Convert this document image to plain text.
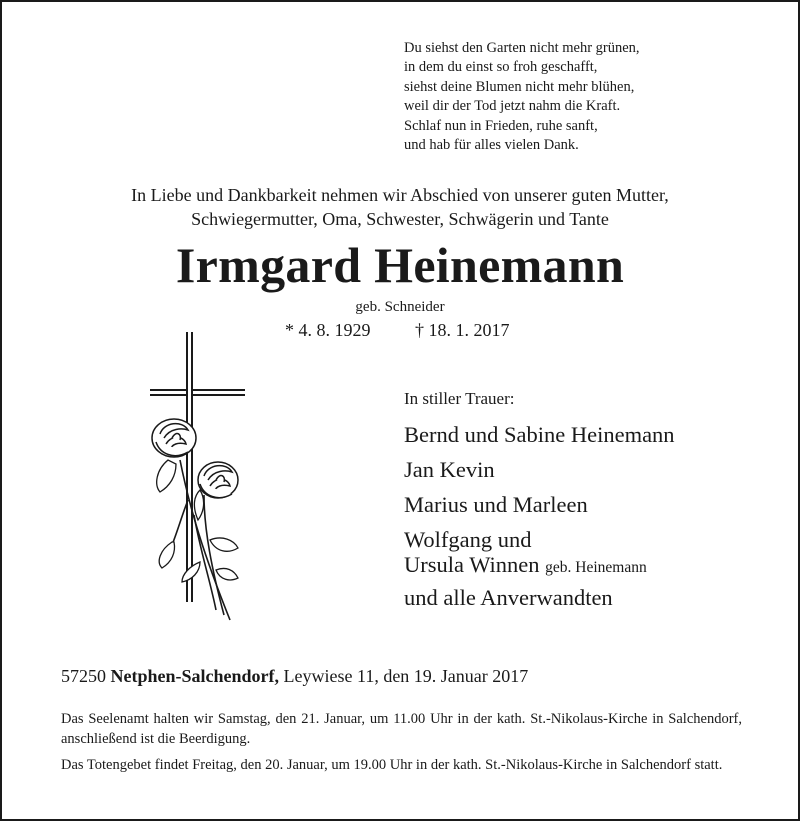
Du siehst den Garten nicht mehr grünen,
in dem du einst so froh geschafft,
siehst deine Blumen nicht mehr blühen,
weil dir der Tod jetzt nahm die Kraft.
Schlaf nun in Frieden, ruhe sanft,
und hab für alles vielen Dank.
In Liebe und Dankbarkeit nehmen wir Abschied von unserer guten Mutter,
Schwiegermutter, Oma, Schwester, Schwägerin und Tante
Irmgard Heinemann
geb. Schneider
* 4. 8. 1929 † 18. 1. 2017
In stiller Trauer:
Bernd und Sabine Heinemann
Jan Kevin
Marius und Marleen
Wolfgang und
Ursula Winnen geb. Heinemann
und alle Anverwandten
57250 Netphen-Salchendorf, Leywiese 11, den 19. Januar 2017

Das Seelenamt halten wir Samstag, den 21. Januar, um 11.00 Uhr in der kath. St.-Nikolaus-Kirche in Salchendorf, anschließend ist die Beerdigung.

Das Totengebet findet Freitag, den 20. Januar, um 19.00 Uhr in der kath. St.-Nikolaus-Kirche in Salchendorf statt.
